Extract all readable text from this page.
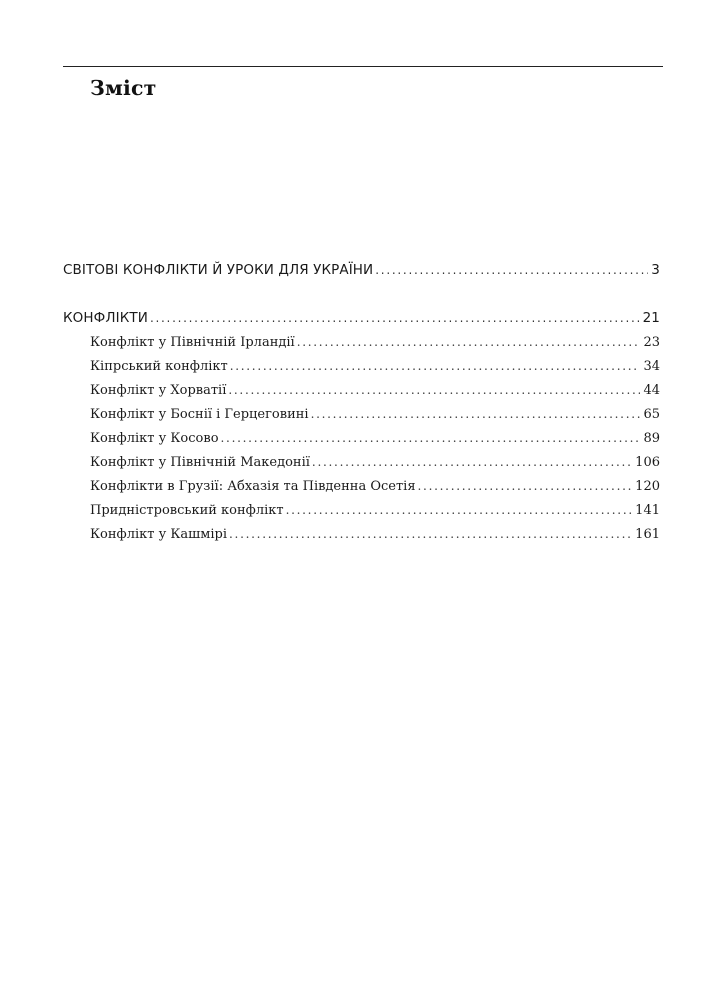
Зміст
СВІТОВІ КОНФЛІКТИ Й УРОКИ ДЛЯ УКРАЇНИ . . .	3
КОНФЛІКТИ . . .	21
Конфлікт у Північній Ірландії . . .	23
Кіпрський конфлікт . . .	34
Конфлікт у Хорватії . . .	44
Конфлікт у Боснії і Герцеговині . . .	65
Конфлікт у Косово . . .	89
Конфлікт у Північній Македонії . . .	106
Конфлікти в Грузії: Абхазія та Південна Осетія . . .	120
Придністровський конфлікт . . .	141
Конфлікт у Кашмірі . . .	161
